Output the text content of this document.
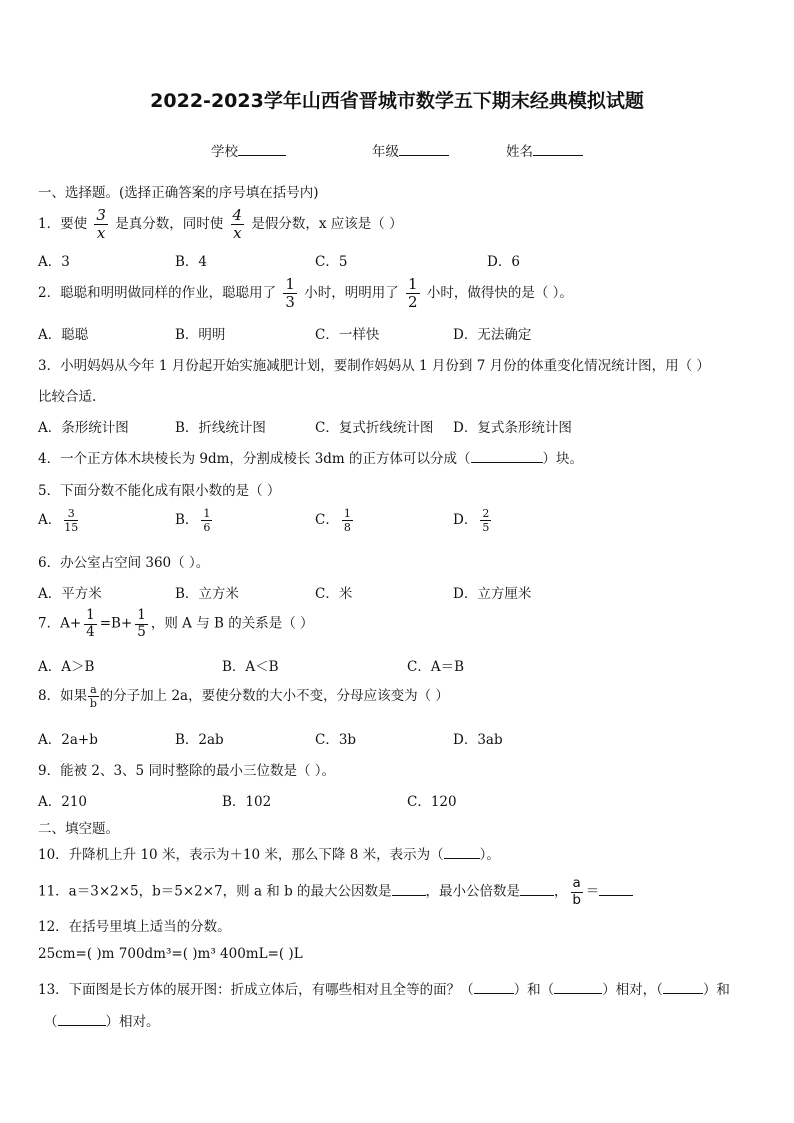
2022-2023学年山西省晋城市数学五下期末经典模拟试题
学校	年级	姓名
一、选择题。(选择正确答案的序号填在括号内)
1．要使 $\frac{3}{x}$ 是真分数，同时使 $\frac{4}{x}$ 是假分数，x 应该是（ ）
A．3	B．4	C．5	D．6
2．聪聪和明明做同样的作业，聪聪用了 $\frac{1}{3}$ 小时，明明用了 $\frac{1}{2}$ 小时，做得快的是（ ）。
A．聪聪	B．明明	C．一样快	D．无法确定
3．小明妈妈从今年 1 月份起开始实施减肥计划，要制作妈妈从 1 月份到 7 月份的体重变化情况统计图，用（ ）
比较合适.
A．条形统计图	B．折线统计图	C．复式折线统计图 D．复式条形统计图
4．一个正方体木块棱长为 9dm，分割成棱长 3dm 的正方体可以分成（	）块。
5．下面分数不能化成有限小数的是（ ）
A． $\frac{3}{15}$	B． $\frac{1}{6}$	C． $\frac{1}{8}$	D． $\frac{2}{5}$
6．办公室占空间 360（ ）。
A．平方米	B．立方米	C．米	D．立方厘米
7．$A+ \frac{1}{4} =B+ \frac{1}{5}$ ，则 A 与 B 的关系是（ ）
A．A＞B	B．A＜B	C．A＝B
8．如果 $\frac{a}{b}$ 的分子加上 2a，要使分数的大小不变，分母应该变为（ ）
A．2a+b	B．2ab	C．3b	D．3ab
9．能被 2、3、5 同时整除的最小三位数是（ ）。
A．210	B．102	C．120
二、填空题。
10．升降机上升 10 米，表示为＋10 米，那么下降 8 米，表示为（	）。
11．a＝3×2×5，b＝5×2×7，则 a 和 b 的最大公因数是	，最小公倍数是	， $\frac{a}{b}$ ＝
12．在括号里填上适当的分数。
25cm=( )m 700dm³=( )m³ 400mL=( )L
13．下面图是长方体的展开图：折成立体后，有哪些相对且全等的面？（	）和（	）相对，（	）和
（	）相对。
